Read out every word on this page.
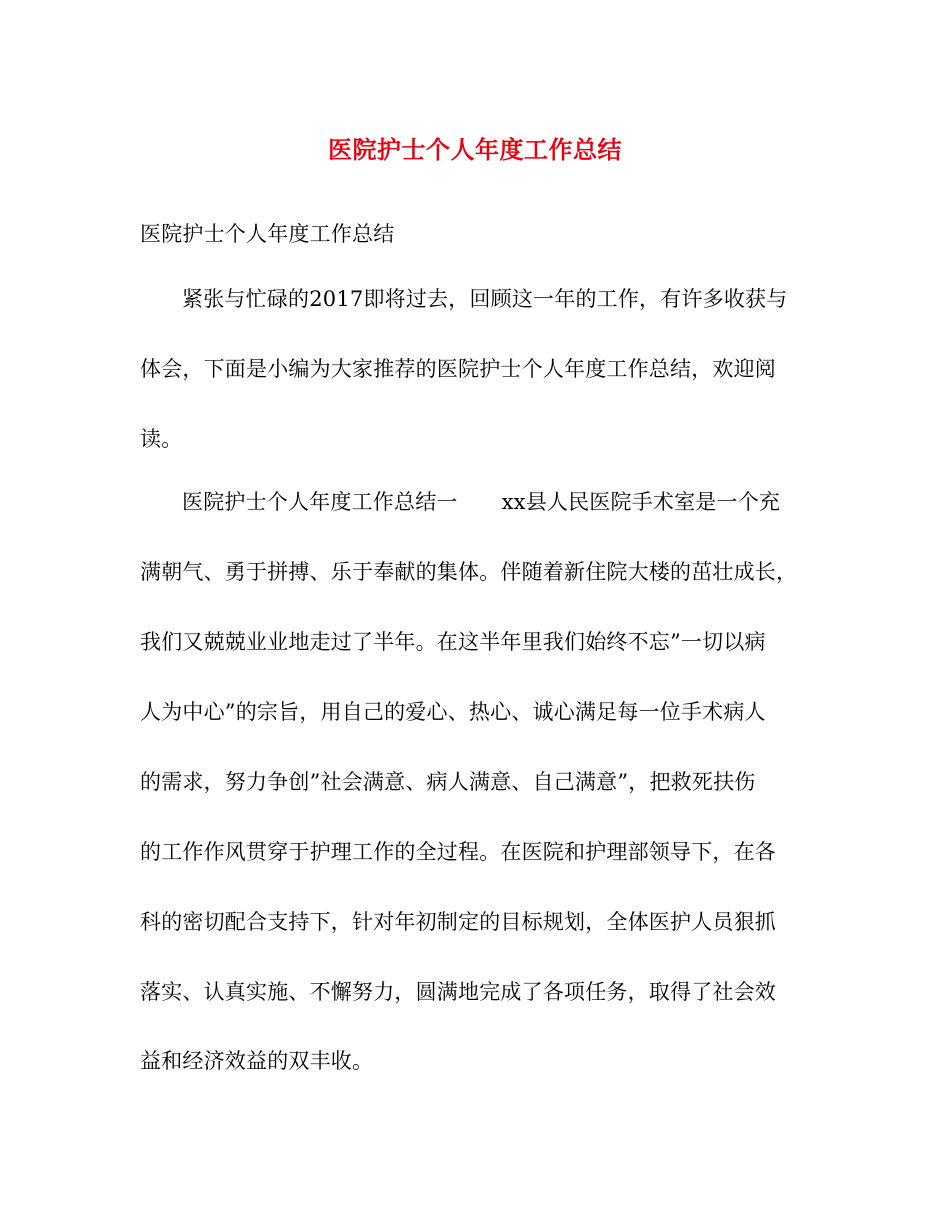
医院护士个人年度工作总结
医院护士个人年度工作总结
紧张与忙碌的2017即将过去，回顾这一年的工作，有许多收获与
体会，下面是小编为大家推荐的医院护士个人年度工作总结，欢迎阅
读。
医院护士个人年度工作总结一 xx县人民医院手术室是一个充
满朝气、勇于拼搏、乐于奉献的集体。伴随着新住院大楼的茁壮成长，
我们又兢兢业业地走过了半年。在这半年里我们始终不忘”一切以病
人为中心”的宗旨，用自己的爱心、热心、诚心满足每一位手术病人
的需求，努力争创”社会满意、病人满意、自己满意”，把救死扶伤
的工作作风贯穿于护理工作的全过程。在医院和护理部领导下，在各
科的密切配合支持下，针对年初制定的目标规划，全体医护人员狠抓
落实、认真实施、不懈努力，圆满地完成了各项任务，取得了社会效
益和经济效益的双丰收。
